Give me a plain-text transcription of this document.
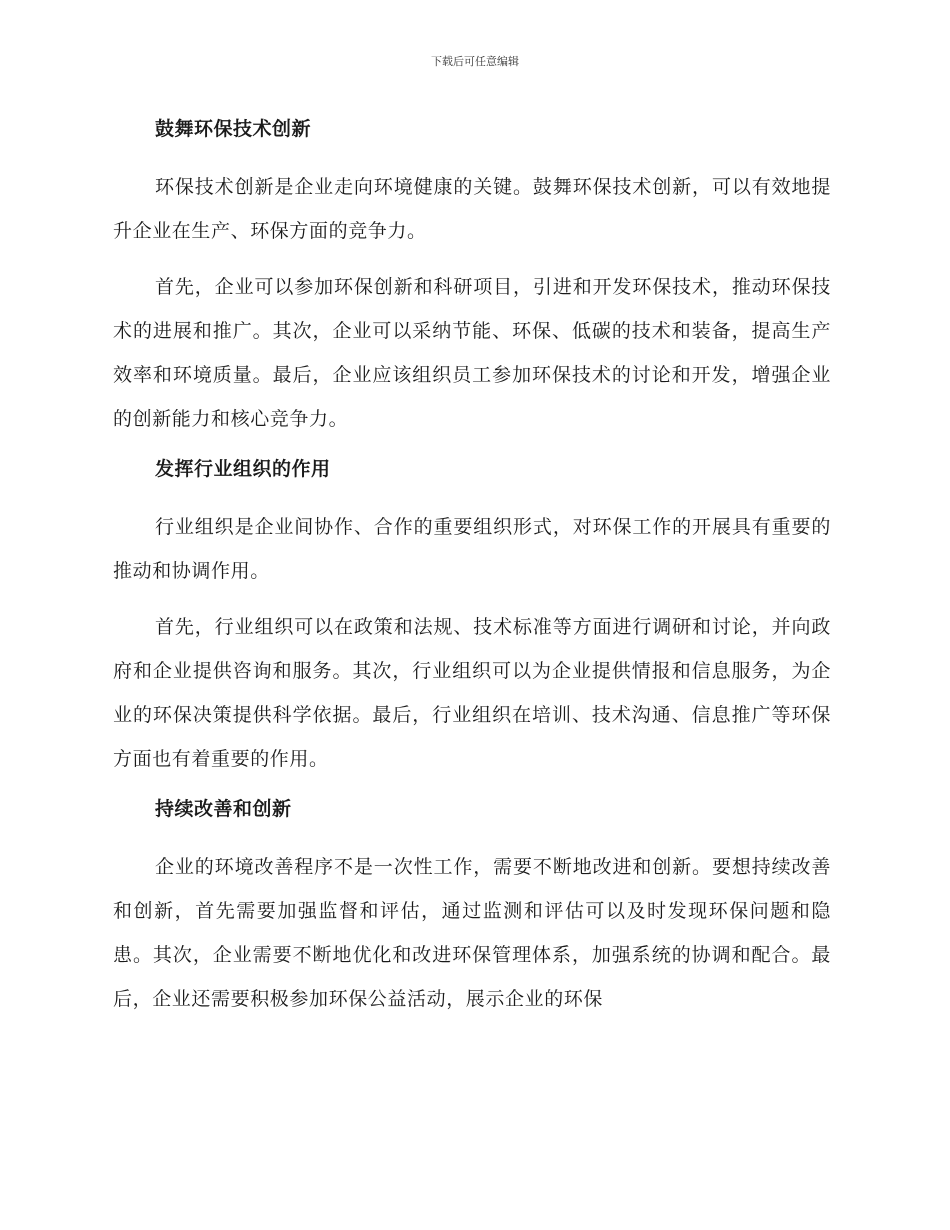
下载后可任意编辑
鼓舞环保技术创新

环保技术创新是企业走向环境健康的关键。鼓舞环保技术创新，可以有效地提升企业在生产、环保方面的竞争力。

首先，企业可以参加环保创新和科研项目，引进和开发环保技术，推动环保技术的进展和推广。其次，企业可以采纳节能、环保、低碳的技术和装备，提高生产效率和环境质量。最后，企业应该组织员工参加环保技术的讨论和开发，增强企业的创新能力和核心竞争力。

发挥行业组织的作用

行业组织是企业间协作、合作的重要组织形式，对环保工作的开展具有重要的推动和协调作用。

首先，行业组织可以在政策和法规、技术标准等方面进行调研和讨论，并向政府和企业提供咨询和服务。其次，行业组织可以为企业提供情报和信息服务，为企业的环保决策提供科学依据。最后，行业组织在培训、技术沟通、信息推广等环保方面也有着重要的作用。

持续改善和创新

企业的环境改善程序不是一次性工作，需要不断地改进和创新。要想持续改善和创新，首先需要加强监督和评估，通过监测和评估可以及时发现环保问题和隐患。其次，企业需要不断地优化和改进环保管理体系，加强系统的协调和配合。最后，企业还需要积极参加环保公益活动，展示企业的环保
